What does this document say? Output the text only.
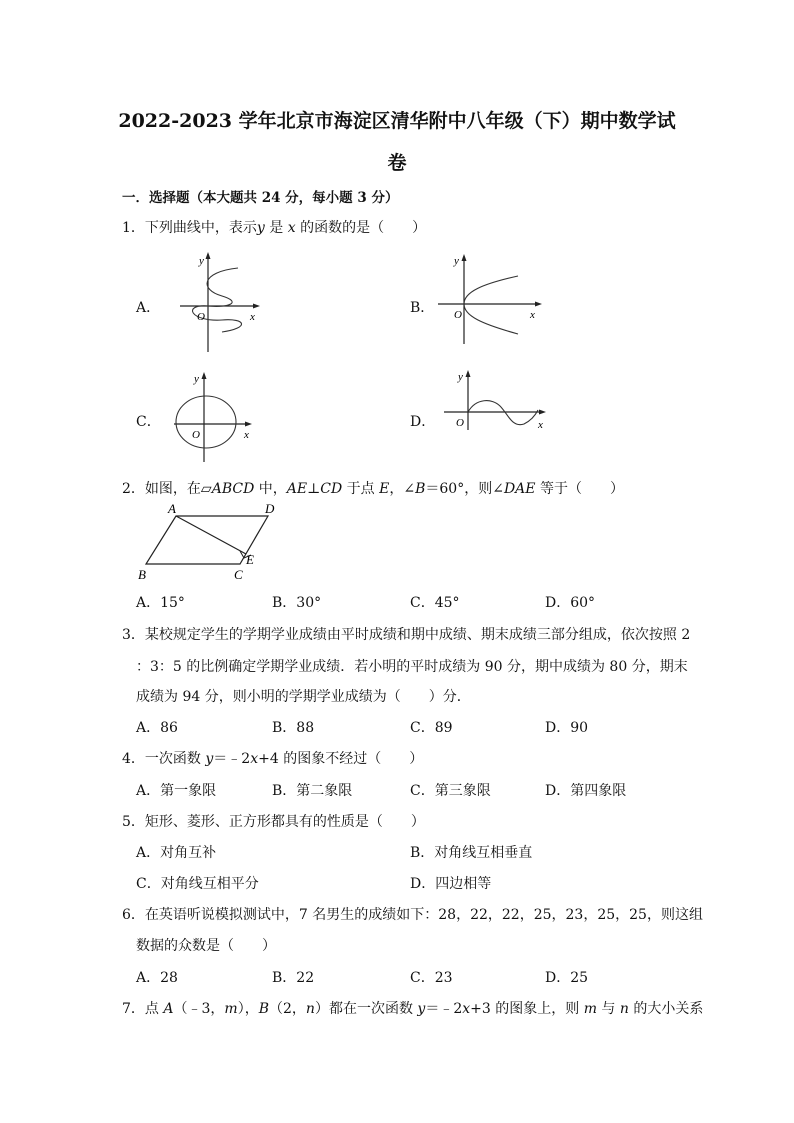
2022-2023 学年北京市海淀区清华附中八年级（下）期中数学试
卷
一．选择题（本大题共 24 分，每小题 3 分）
1．下列曲线中，表示y 是 x 的函数的是（　　）
A．	B．
C．	D．
y
O	x
y
O	x
y
O	x
y
O	x
2．如图，在▱ABCD 中，AE⊥CD 于点 E，∠B＝60°，则∠DAE 等于（　　）
A	D
B	C
E
A．15°	B．30°	C．45°	D．60°
3．某校规定学生的学期学业成绩由平时成绩和期中成绩、期末成绩三部分组成，依次按照 2
：3：5 的比例确定学期学业成绩．若小明的平时成绩为 90 分，期中成绩为 80 分，期末
成绩为 94 分，则小明的学期学业成绩为（　　）分．
A．86	B．88	C．89	D．90
4．一次函数 y＝﹣2x+4 的图象不经过（　　）
A．第一象限	B．第二象限	C．第三象限	D．第四象限
5．矩形、菱形、正方形都具有的性质是（　　）
A．对角互补	B．对角线互相垂直
C．对角线互相平分	D．四边相等
6．在英语听说模拟测试中，7 名男生的成绩如下：28，22，22，25，23，25，25，则这组
数据的众数是（　　）
A．28	B．22	C．23	D．25
7．点 A（﹣3，m），B（2，n）都在一次函数 y＝﹣2x+3 的图象上，则 m 与 n 的大小关系
